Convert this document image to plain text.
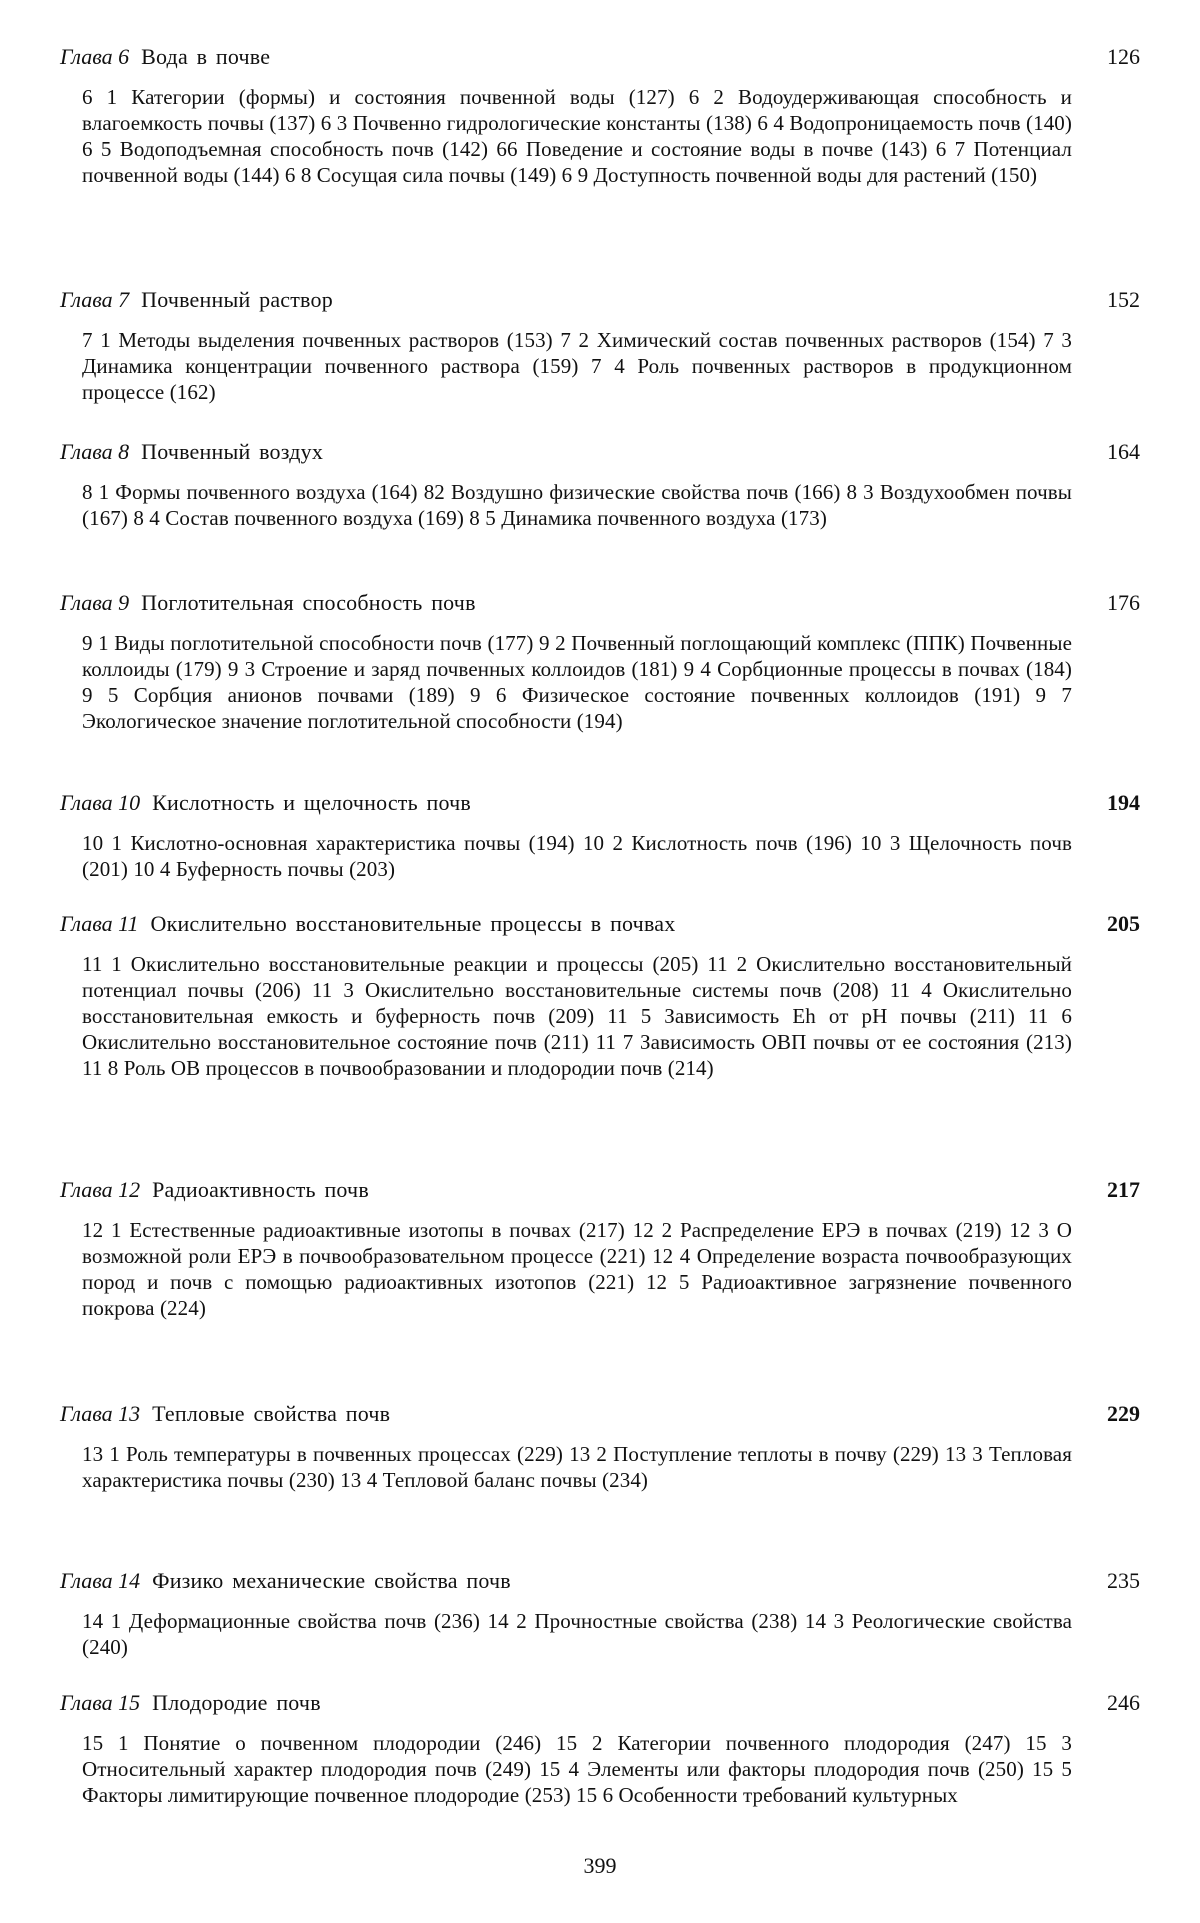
Глава 6 Вода в почве	126
6 1 Категории (формы) и состояния почвенной воды (127) 6 2 Водоудерживающая способность и влагоемкость почвы (137) 6 3 Почвенно гидрологические константы (138) 6 4 Водопроницаемость почв (140) 6 5 Водоподъемная способность почв (142) 66 Поведение и состояние воды в почве (143) 6 7 Потенциал почвенной воды (144) 6 8 Сосущая сила почвы (149) 6 9 Доступность почвенной воды для растений (150)
Глава 7 Почвенный раствор	152
7 1 Методы выделения почвенных растворов (153) 7 2 Химический состав почвенных растворов (154) 7 3 Динамика концентрации почвенного раствора (159) 7 4 Роль почвенных растворов в продукционном процессе (162)
Глава 8 Почвенный воздух	164
8 1 Формы почвенного воздуха (164) 82 Воздушно физические свойства почв (166) 8 3 Воздухообмен почвы (167) 8 4 Состав почвенного воздуха (169) 8 5 Динамика почвенного воздуха (173)
Глава 9 Поглотительная способность почв	176
9 1 Виды поглотительной способности почв (177) 9 2 Почвенный поглощающий комплекс (ППК) Почвенные коллоиды (179) 9 3 Строение и заряд почвенных коллоидов (181) 9 4 Сорбционные процессы в почвах (184) 9 5 Сорбция анионов почвами (189) 9 6 Физическое состояние почвенных коллоидов (191) 9 7 Экологическое значение поглотительной способности (194)
Глава 10 Кислотность и щелочность почв	194
10 1 Кислотно-основная характеристика почвы (194) 10 2 Кислотность почв (196) 10 3 Щелочность почв (201) 10 4 Буферность почвы (203)
Глава 11 Окислительно восстановительные процессы в почвах	205
11 1 Окислительно восстановительные реакции и процессы (205) 11 2 Окислительно восстановительный потенциал почвы (206) 11 3 Окислительно восстановительные системы почв (208) 11 4 Окислительно восстановительная емкость и буферность почв (209) 11 5 Зависимость Eh от pH почвы (211) 11 6 Окислительно восстановительное состояние почв (211) 11 7 Зависимость ОВП почвы от ее состояния (213) 11 8 Роль ОВ процессов в почвообразовании и плодородии почв (214)
Глава 12 Радиоактивность почв	217
12 1 Естественные радиоактивные изотопы в почвах (217) 12 2 Распределение ЕРЭ в почвах (219) 12 3 О возможной роли ЕРЭ в почвообразовательном процессе (221) 12 4 Определение возраста почвообразующих пород и почв с помощью радиоактивных изотопов (221) 12 5 Радиоактивное загрязнение почвенного покрова (224)
Глава 13 Тепловые свойства почв	229
13 1 Роль температуры в почвенных процессах (229) 13 2 Поступление теплоты в почву (229) 13 3 Тепловая характеристика почвы (230) 13 4 Тепловой баланс почвы (234)
Глава 14 Физико механические свойства почв	235
14 1 Деформационные свойства почв (236) 14 2 Прочностные свойства (238) 14 3 Реологические свойства (240)
Глава 15 Плодородие почв	246
15 1 Понятие о почвенном плодородии (246) 15 2 Категории почвенного плодородия (247) 15 3 Относительный характер плодородия почв (249) 15 4 Элементы или факторы плодородия почв (250) 15 5 Факторы лимитирующие почвенное плодородие (253) 15 6 Особенности требований культурных
399
